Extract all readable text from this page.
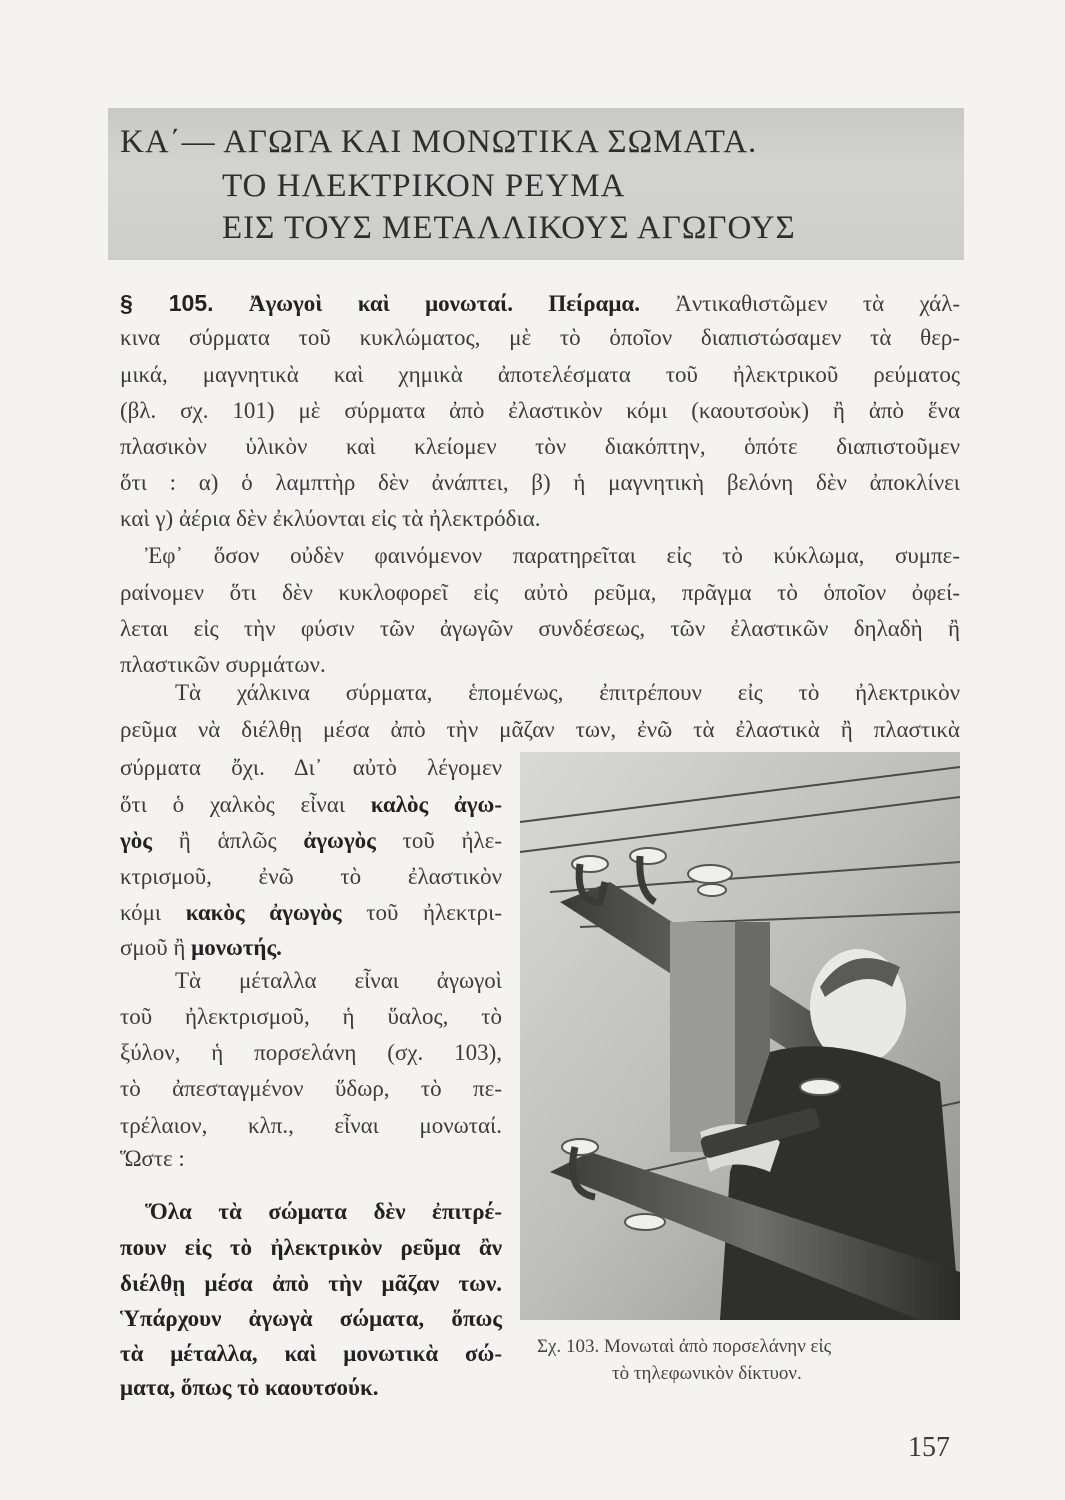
ΚΑ΄— ΑΓΩΓΑ ΚΑΙ ΜΟΝΩΤΙΚΑ ΣΩΜΑΤΑ.
ΤΟ ΗΛΕΚΤΡΙΚΟΝ ΡΕΥΜΑ
ΕΙΣ ΤΟΥΣ ΜΕΤΑΛΛΙΚΟΥΣ ΑΓΩΓΟΥΣ
§ 105. Ἀγωγοὶ καὶ μονωταί. Πείραμα. Ἀντικαθιστῶμεν τὰ χάλ-
κινα σύρματα τοῦ κυκλώματος, μὲ τὸ ὁποῖον διαπιστώσαμεν τὰ θερ-
μικά, μαγνητικὰ καὶ χημικὰ ἀποτελέσματα τοῦ ἠλεκτρικοῦ ρεύματος
(βλ. σχ. 101) μὲ σύρματα ἀπὸ ἐλαστικὸν κόμι (καουτσοὺκ) ἢ ἀπὸ ἕνα
πλασικὸν ὑλικὸν καὶ κλείομεν τὸν διακόπτην, ὁπότε διαπιστοῦμεν
ὅτι : α) ὁ λαμπτὴρ δὲν ἀνάπτει, β) ἡ μαγνητικὴ βελόνη δὲν ἀποκλίνει
καὶ γ) ἀέρια δὲν ἐκλύονται εἰς τὰ ἠλεκτρόδια.
Ἐφ᾿ ὅσον οὐδὲν φαινόμενον παρατηρεῖται εἰς τὸ κύκλωμα, συμπε-
ραίνομεν ὅτι δὲν κυκλοφορεῖ εἰς αὐτὸ ρεῦμα, πρᾶγμα τὸ ὁποῖον ὀφεί-
λεται εἰς τὴν φύσιν τῶν ἀγωγῶν συνδέσεως, τῶν ἐλαστικῶν δηλαδὴ ἢ
πλαστικῶν συρμάτων.
Τὰ χάλκινα σύρματα, ἑπομένως, ἐπιτρέπουν εἰς τὸ ἠλεκτρικὸν
ρεῦμα νὰ διέλθῃ μέσα ἀπὸ τὴν μᾶζαν των, ἐνῶ τὰ ἐλαστικὰ ἢ πλαστικὰ
σύρματα ὄχι. Δι᾿ αὐτὸ λέγομεν
ὅτι ὁ χαλκὸς εἶναι καλὸς ἀγω-
γὸς ἢ ἁπλῶς ἀγωγὸς τοῦ ἠλε-
κτρισμοῦ, ἐνῶ τὸ ἐλαστικὸν
κόμι κακὸς ἀγωγὸς τοῦ ἠλεκτρι-
σμοῦ ἢ μονωτής.
Τὰ μέταλλα εἶναι ἀγωγοὶ
τοῦ ἠλεκτρισμοῦ, ἡ ὕαλος, τὸ
ξύλον, ἡ πορσελάνη (σχ. 103),
τὸ ἀπεσταγμένον ὕδωρ, τὸ πε-
τρέλαιον, κλπ., εἶναι μονωταί.
Ὥστε :
Ὅλα τὰ σώματα δὲν ἐπιτρέ-
πουν εἰς τὸ ἠλεκτρικὸν ρεῦμα ἂν
διέλθῃ μέσα ἀπὸ τὴν μᾶζαν των.
Ὑπάρχουν ἀγωγὰ σώματα, ὅπως
τὰ μέταλλα, καὶ μονωτικὰ σώ-
ματα, ὅπως τὸ καουτσούκ.
Σχ. 103. Μονωταὶ ἀπὸ πορσελάνην εἰς
τὸ τηλεφωνικὸν δίκτυον.
157
